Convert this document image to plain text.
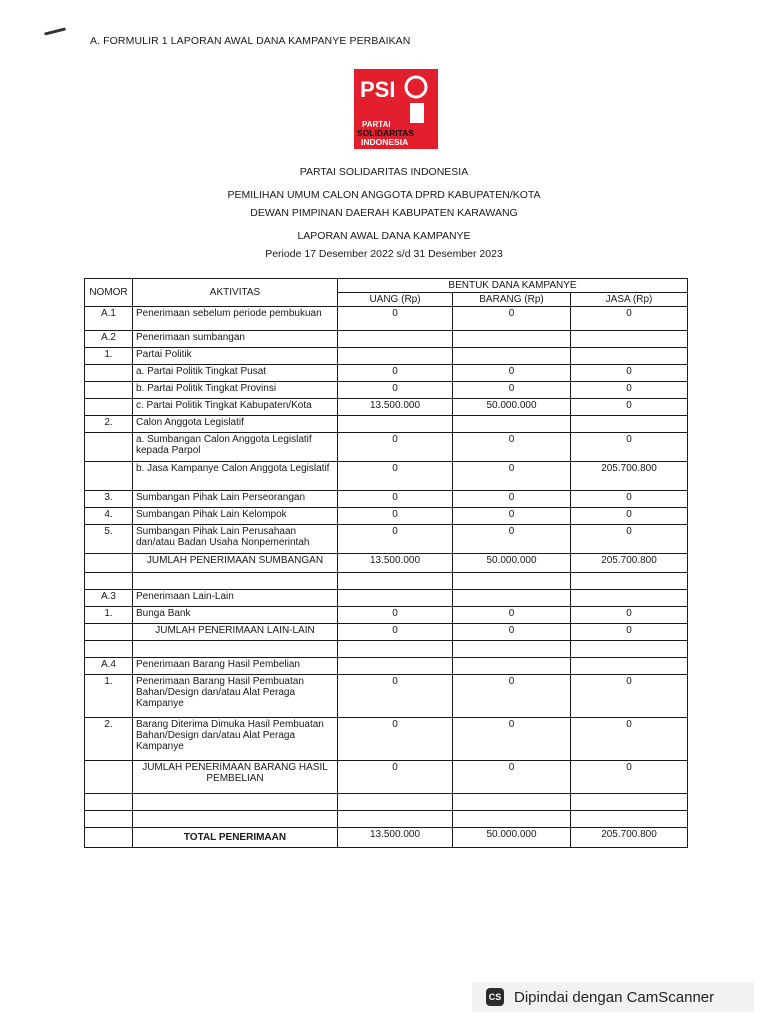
A. FORMULIR 1 LAPORAN AWAL DANA KAMPANYE PERBAIKAN
PSI
PARTAI
SOLIDARITAS
INDONESIA
PARTAI SOLIDARITAS INDONESIA
PEMILIHAN UMUM CALON ANGGOTA DPRD KABUPATEN/KOTA
DEWAN PIMPINAN DAERAH KABUPATEN KARAWANG
LAPORAN AWAL DANA KAMPANYE
Periode 17 Desember 2022 s/d 31 Desember 2023
NOMOR	AKTIVITAS	BENTUK DANA KAMPANYE		
		UANG (Rp)	BARANG (Rp)	JASA (Rp)
A.1	Penerimaan sebelum periode pembukuan	0	0	0
A.2	Penerimaan sumbangan			
1.	Partai Politik			
	a. Partai Politik Tingkat Pusat	0	0	0
	b. Partai Politik Tingkat Provinsi	0	0	0
	c. Partai Politik Tingkat Kabupaten/Kota	13.500.000	50.000.000	0
2.	Calon Anggota Legislatif			
	a. Sumbangan Calon Anggota Legislatif kepada Parpol	0	0	0
	b. Jasa Kampanye Calon Anggota Legislatif	0	0	205.700.800
3.	Sumbangan Pihak Lain Perseorangan	0	0	0
4.	Sumbangan Pihak Lain Kelompok	0	0	0
5.	Sumbangan Pihak Lain Perusahaan dan/atau Badan Usaha Nonpemerintah	0	0	0
	JUMLAH PENERIMAAN SUMBANGAN	13.500.000	50.000.000	205.700.800

A.3	Penerimaan Lain-Lain			
1.	Bunga Bank	0	0	0
	JUMLAH PENERIMAAN LAIN-LAIN	0	0	0

A.4	Penerimaan Barang Hasil Pembelian			
1.	Penerimaan Barang Hasil Pembuatan Bahan/Design dan/atau Alat Peraga Kampanye	0	0	0
2.	Barang Diterima Dimuka Hasil Pembuatan Bahan/Design dan/atau Alat Peraga Kampanye	0	0	0
	JUMLAH PENERIMAAN BARANG HASIL PEMBELIAN	0	0	0

	TOTAL PENERIMAAN	13.500.000	50.000.000	205.700.800
CS Dipindai dengan CamScanner
